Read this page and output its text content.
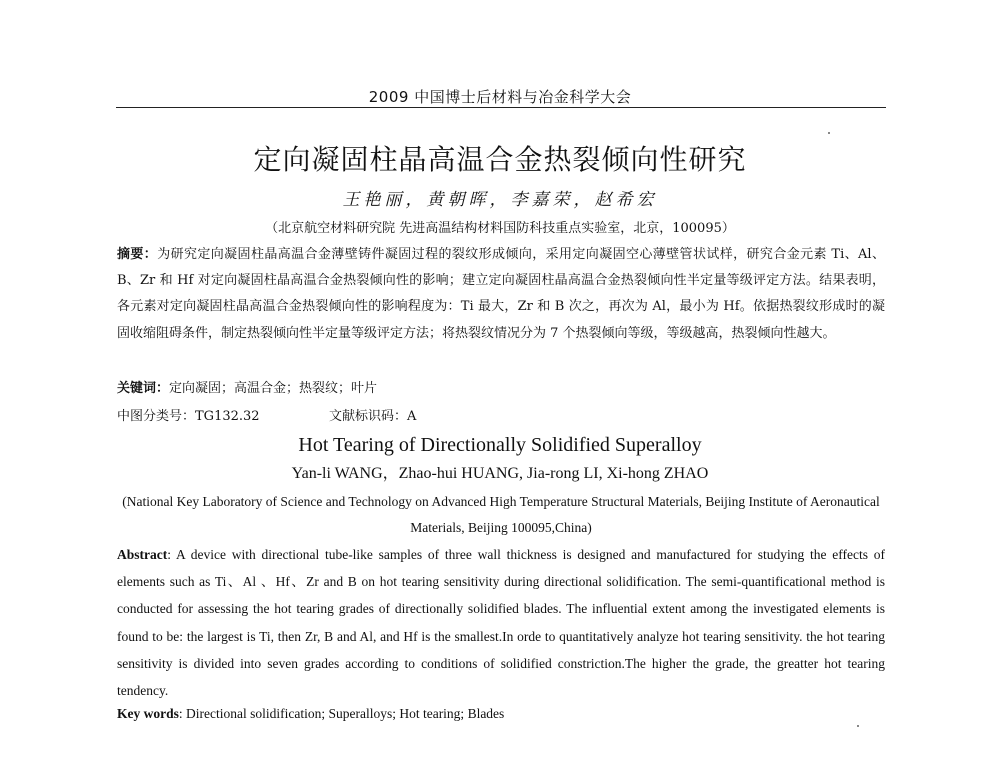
2009 中国博士后材料与冶金科学大会
定向凝固柱晶高温合金热裂倾向性研究
王艳丽，黄朝晖，李嘉荣，赵希宏
（北京航空材料研究院 先进高温结构材料国防科技重点实验室，北京，100095）
摘要：为研究定向凝固柱晶高温合金薄壁铸件凝固过程的裂纹形成倾向，采用定向凝固空心薄壁管状试样，研究合金元素 Ti、Al、B、Zr 和 Hf 对定向凝固柱晶高温合金热裂倾向性的影响；建立定向凝固柱晶高温合金热裂倾向性半定量等级评定方法。结果表明，各元素对定向凝固柱晶高温合金热裂倾向性的影响程度为：Ti 最大，Zr 和 B 次之，再次为 Al，最小为 Hf。依据热裂纹形成时的凝固收缩阻碍条件，制定热裂倾向性半定量等级评定方法；将热裂纹情况分为 7 个热裂倾向等级，等级越高，热裂倾向性越大。
关键词：定向凝固；高温合金；热裂纹；叶片
中图分类号：TG132.32	文献标识码：A
Hot Tearing of Directionally Solidified Superalloy
Yan-li WANG，Zhao-hui HUANG, Jia-rong LI, Xi-hong ZHAO
(National Key Laboratory of Science and Technology on Advanced High Temperature Structural Materials, Beijing Institute of Aeronautical Materials, Beijing 100095,China)
Abstract: A device with directional tube-like samples of three wall thickness is designed and manufactured for studying the effects of elements such as Ti、Al 、Hf、Zr and B on hot tearing sensitivity during directional solidification. The semi-quantificational method is conducted for assessing the hot tearing grades of directionally solidified blades. The influential extent among the investigated elements is found to be: the largest is Ti, then Zr, B and Al, and Hf is the smallest.In orde to quantitatively analyze hot tearing sensitivity. the hot tearing sensitivity is divided into seven grades according to conditions of solidified constriction.The higher the grade, the greatter hot tearing tendency.
Key words: Directional solidification; Superalloys; Hot tearing; Blades
